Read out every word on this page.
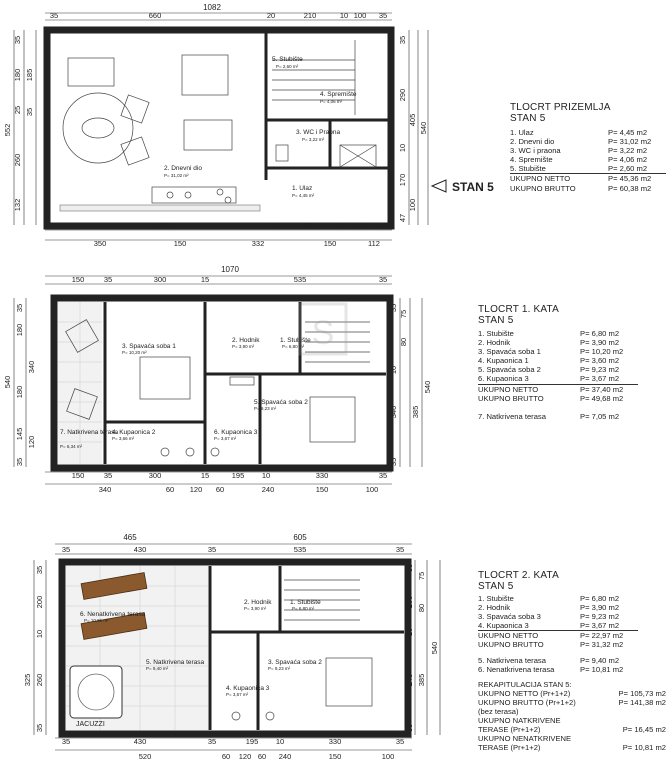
1082
35	660	20	210	10 100 35
47	660	20	190	10 100 47
350	150	332	150	112
552
35
180
25
260
132
185
35
35
290
405
10
540
170
100
47
5. Stubište
P= 2,60 m²
4. Spremište
P= 4,06 m²
3. WC i Praona
P= 3,22 m²
2. Dnevni dio
P= 31,02 m²
1. Ulaz
P= 4,45 m²
STAN 5
1070
150	35	300	15	535	35
150	35	300	15	195 10	330	35
340	60 120 60	240	150	100
35
180
540
340
180
145
120
35
35
75
80
10
540
340 385
35
3. Spavaća soba 1
P= 10,20 m²
2. Hodnik
P= 3,90 m²
1. Stubište
P= 6,80 m²
5. Spavaća soba 2
P= 9,23 m²
7. Natkrivena terasa
P= 6,34 m²
4. Kupaonica 2
P= 3,66 m²
6. Kupaonica 3
P= 3,67 m²
S
465	605
35	430	35	535	35
35	430	35	195 10	330	35
520	60 120 60 240	150	100
35
200
10
325 260
35
35
75
200 80
10
540
245 385
35
2. Hodnik
P= 3,90 m²
1. Stubište
P= 6,80 m²
6. Nenatkrivena terasa
P= 10,81 m²
5. Natkrivena terasa
P= 9,40 m²
3. Spavaća soba 2
P= 9,23 m²
4. Kupaonica 3
P= 3,67 m²
JACUZZI
TLOCRT PRIZEMLJA
STAN 5
1. Ulaz	P= 4,45 m2
2. Dnevni dio	P= 31,02 m2
3. WC i praona	P= 3,22 m2
4. Spremište	P= 4,06 m2
5. Stubište	P= 2,60 m2
UKUPNO NETTO	P= 45,36 m2
UKUPNO BRUTTO	P= 60,38 m2
TLOCRT 1. KATA
STAN 5
1. Stubište	P= 6,80 m2
2. Hodnik	P= 3,90 m2
3. Spavaća soba 1	P= 10,20 m2
4. Kupaonica 1	P= 3,60 m2
5. Spavaća soba 2	P= 9,23 m2
6. Kupaonica 3	P= 3,67 m2
UKUPNO NETTO	P= 37,40 m2
UKUPNO BRUTTO	P= 49,68 m2
7. Natkrivena terasa	P= 7,05 m2
TLOCRT 2. KATA
STAN 5
1. Stubište	P= 6,80 m2
2. Hodnik	P= 3,90 m2
3. Spavaća soba 3	P= 9,23 m2
4. Kupaonica 3	P= 3,67 m2
UKUPNO NETTO	P= 22,97 m2
UKUPNO BRUTTO	P= 31,32 m2
5. Natkrivena terasa	P= 9,40 m2
6. Nenatkrivena terasa	P= 10,81 m2
REKAPITULACIJA STAN 5:
UKUPNO NETTO (Pr+1+2)	P= 105,73 m2
UKUPNO BRUTTO (Pr+1+2)	P= 141,38 m2
(bez terasa)
UKUPNO NATKRIVENE
TERASE (Pr+1+2)	P= 16,45 m2
UKUPNO NENATKRIVENE
TERASE (Pr+1+2)	P= 10,81 m2
